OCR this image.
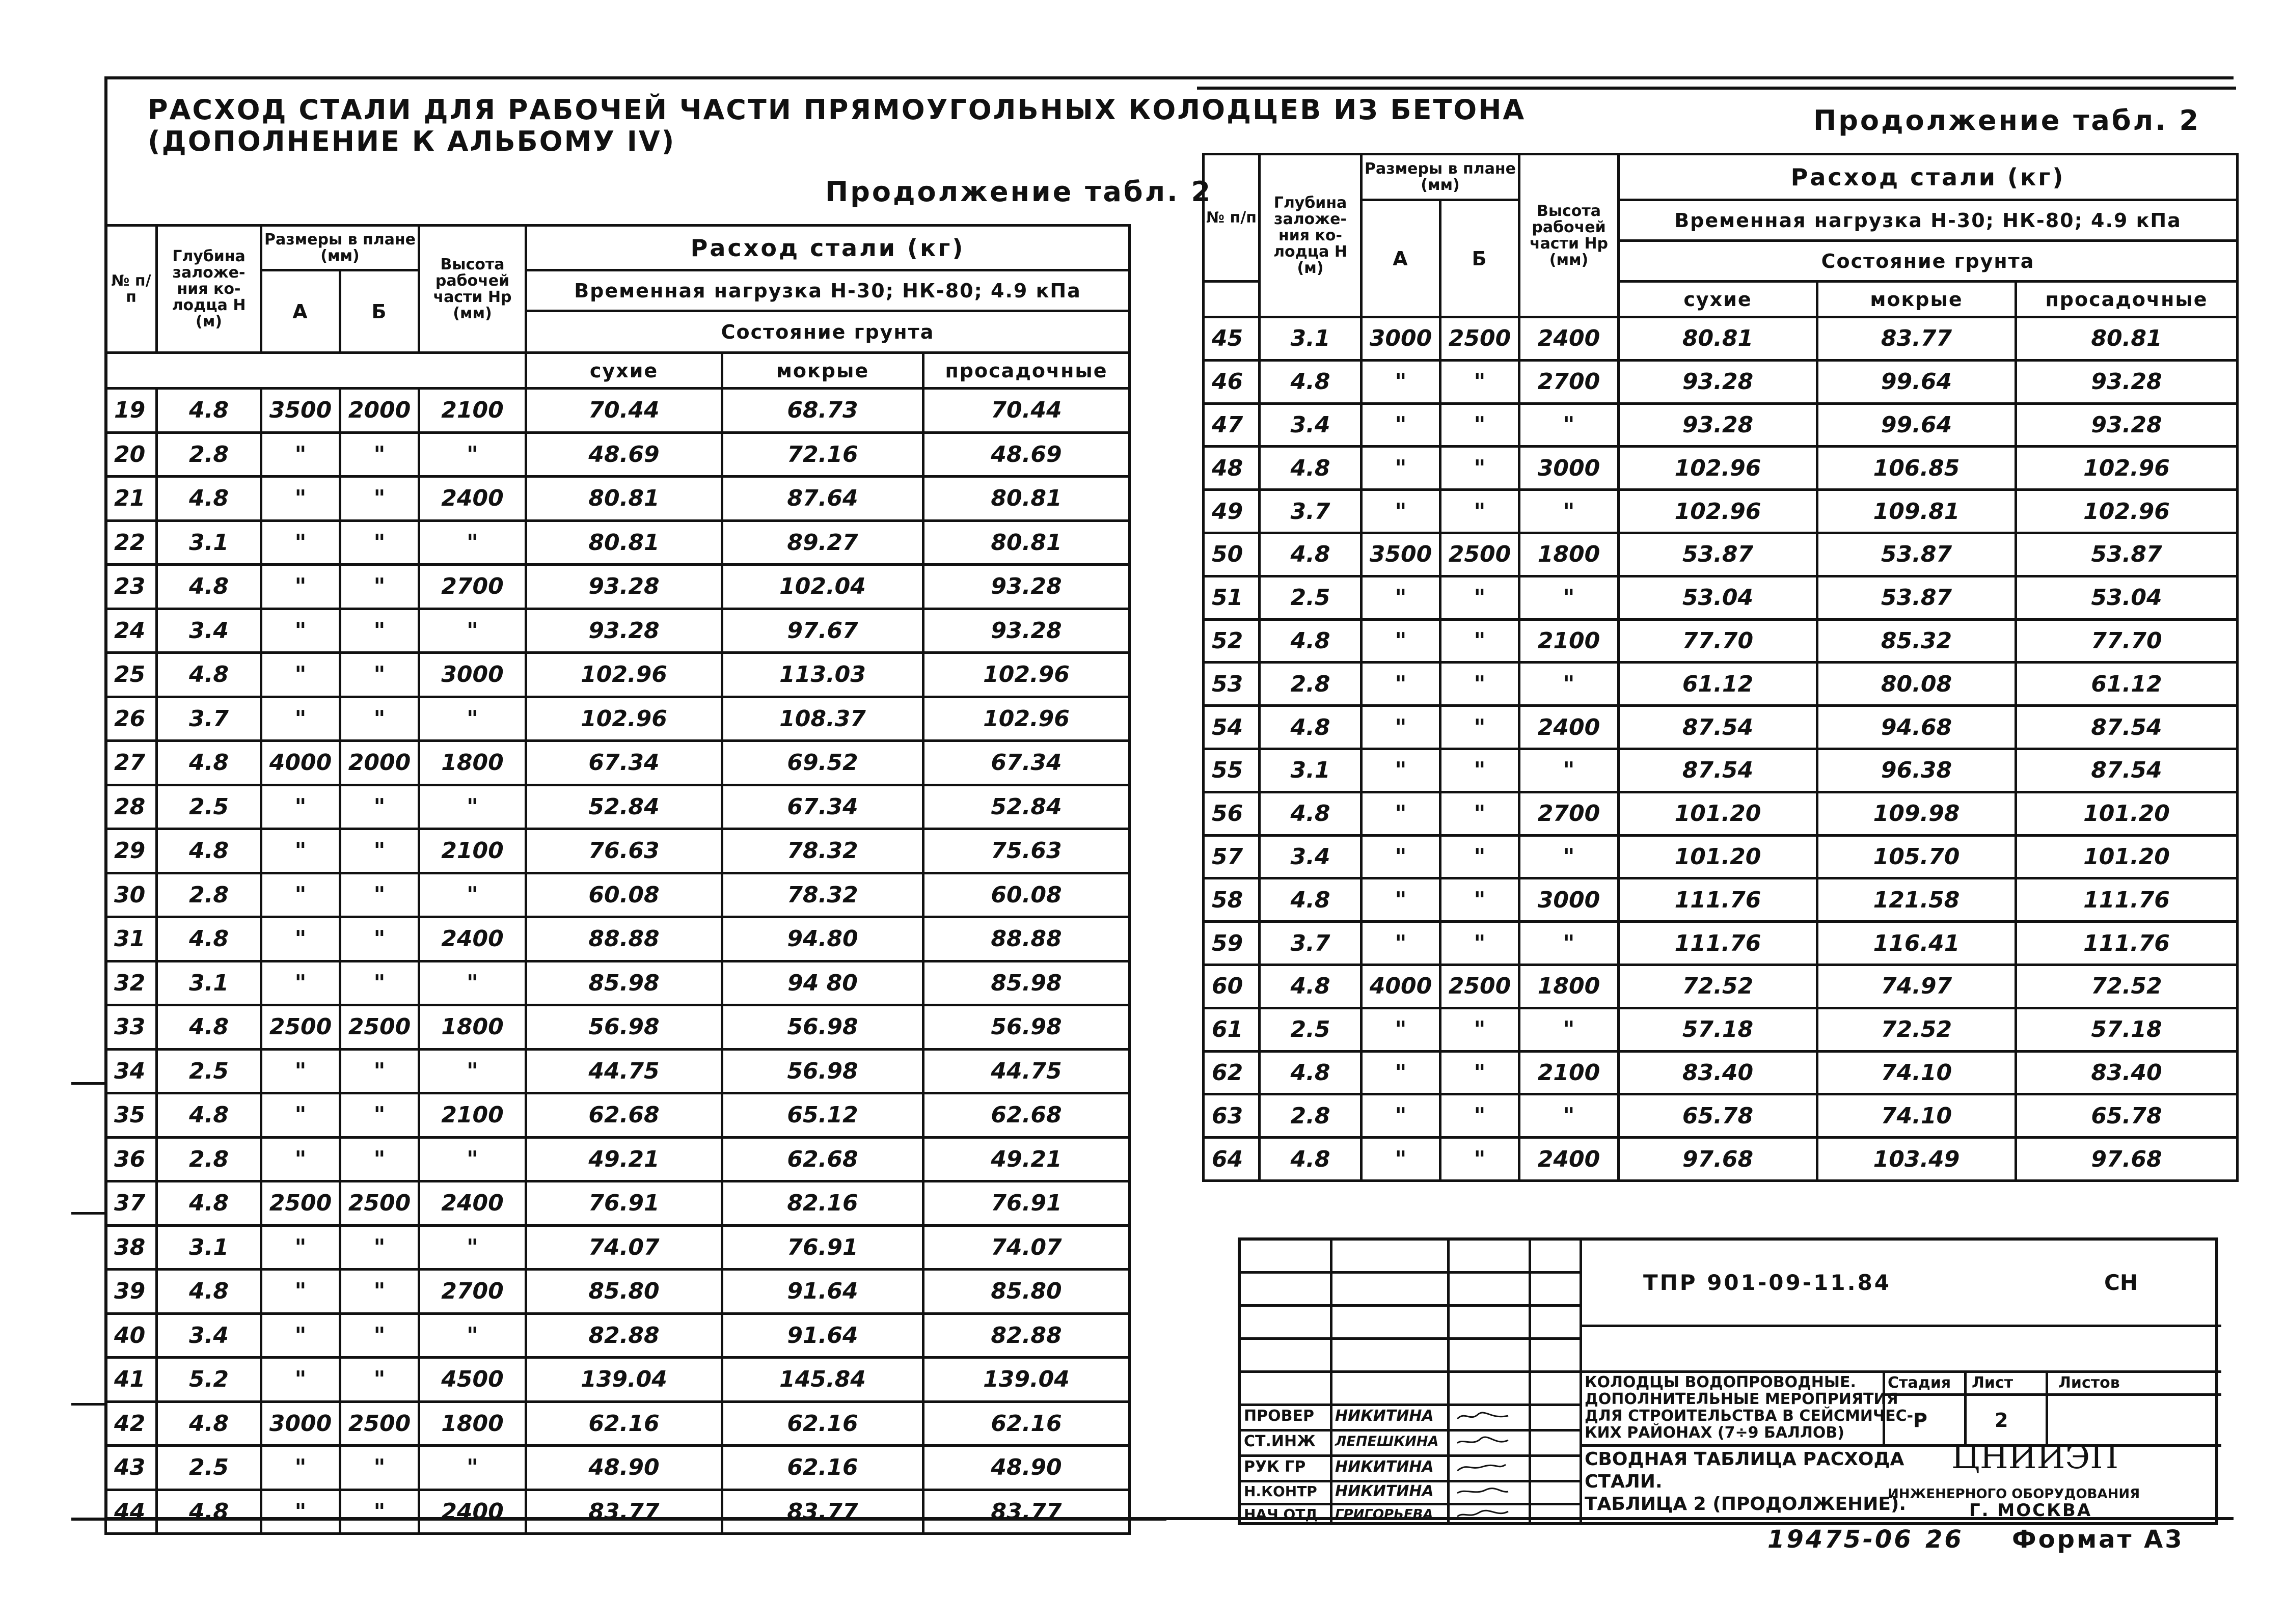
РАСХОД СТАЛИ ДЛЯ РАБОЧЕЙ ЧАСТИ ПРЯМОУГОЛЬНЫХ КОЛОДЦЕВ ИЗ БЕТОНА
(ДОПОЛНЕНИЕ К АЛЬБОМУ IV)
Продолжение табл. 2
Продолжение табл. 2
№ п/п	Глубина заложе-ния ко-лодца Н (м)	Размеры в плане (мм)		Высота рабочей части Нр (мм)	Расход стали (кг)		
		А	Б		Временная нагрузка Н-30; НК-80; 4.9 кПа		
					Состояние грунта		
					сухие	мокрые	просадочные
19	4.8	3500	2000	2100	70.44	68.73	70.44
20	2.8	"	"	"	48.69	72.16	48.69
21	4.8	"	"	2400	80.81	87.64	80.81
22	3.1	"	"	"	80.81	89.27	80.81
23	4.8	"	"	2700	93.28	102.04	93.28
24	3.4	"	"	"	93.28	97.67	93.28
25	4.8	"	"	3000	102.96	113.03	102.96
26	3.7	"	"	"	102.96	108.37	102.96
27	4.8	4000	2000	1800	67.34	69.52	67.34
28	2.5	"	"	"	52.84	67.34	52.84
29	4.8	"	"	2100	76.63	78.32	75.63
30	2.8	"	"	"	60.08	78.32	60.08
31	4.8	"	"	2400	88.88	94.80	88.88
32	3.1	"	"	"	85.98	94 80	85.98
33	4.8	2500	2500	1800	56.98	56.98	56.98
34	2.5	"	"	"	44.75	56.98	44.75
35	4.8	"	"	2100	62.68	65.12	62.68
36	2.8	"	"	"	49.21	62.68	49.21
37	4.8	2500	2500	2400	76.91	82.16	76.91
38	3.1	"	"	"	74.07	76.91	74.07
39	4.8	"	"	2700	85.80	91.64	85.80
40	3.4	"	"	"	82.88	91.64	82.88
41	5.2	"	"	4500	139.04	145.84	139.04
42	4.8	3000	2500	1800	62.16	62.16	62.16
43	2.5	"	"	"	48.90	62.16	48.90
44	4.8	"	"	2400	83.77	83.77	83.77
№ п/п	Глубина заложе-ния ко-лодца Н (м)	Размеры в плане (мм)		Высота рабочей части Нр (мм)	Расход стали (кг)		
		А	Б		Временная нагрузка Н-30; НК-80; 4.9 кПа		
					Состояние грунта		
					сухие	мокрые	просадочные
45	3.1	3000	2500	2400	80.81	83.77	80.81
46	4.8	"	"	2700	93.28	99.64	93.28
47	3.4	"	"	"	93.28	99.64	93.28
48	4.8	"	"	3000	102.96	106.85	102.96
49	3.7	"	"	"	102.96	109.81	102.96
50	4.8	3500	2500	1800	53.87	53.87	53.87
51	2.5	"	"	"	53.04	53.87	53.04
52	4.8	"	"	2100	77.70	85.32	77.70
53	2.8	"	"	"	61.12	80.08	61.12
54	4.8	"	"	2400	87.54	94.68	87.54
55	3.1	"	"	"	87.54	96.38	87.54
56	4.8	"	"	2700	101.20	109.98	101.20
57	3.4	"	"	"	101.20	105.70	101.20
58	4.8	"	"	3000	111.76	121.58	111.76
59	3.7	"	"	"	111.76	116.41	111.76
60	4.8	4000	2500	1800	72.52	74.97	72.52
61	2.5	"	"	"	57.18	72.52	57.18
62	4.8	"	"	2100	83.40	74.10	83.40
63	2.8	"	"	"	65.78	74.10	65.78
64	4.8	"	"	2400	97.68	103.49	97.68
ТПР 901-09-11.84	СН
КОЛОДЦЫ ВОДОПРОВОДНЫЕ.
ДОПОЛНИТЕЛЬНЫЕ МЕРОПРИЯТИЯ
ДЛЯ СТРОИТЕЛЬСТВА В СЕЙСМИЧЕС-
КИХ РАЙОНАХ (7÷9 БАЛЛОВ)
СВОДНАЯ ТАБЛИЦА РАСХОДА
СТАЛИ.
ТАБЛИЦА 2 (ПРОДОЛЖЕНИЕ).
Стадия Лист	Листов
Р	2
ЦНИИЭП
ИНЖЕНЕРНОГО ОБОРУДОВАНИЯ
Г. МОСКВА
ПРОВЕР НИКИТИНА
СТ.ИНЖ ЛЕПЕШКИНА
РУК ГР НИКИТИНА
Н.КОНТР НИКИТИНА
НАЧ ОТД ГРИГОРЬЕВА
19475-06 26 Формат А3
